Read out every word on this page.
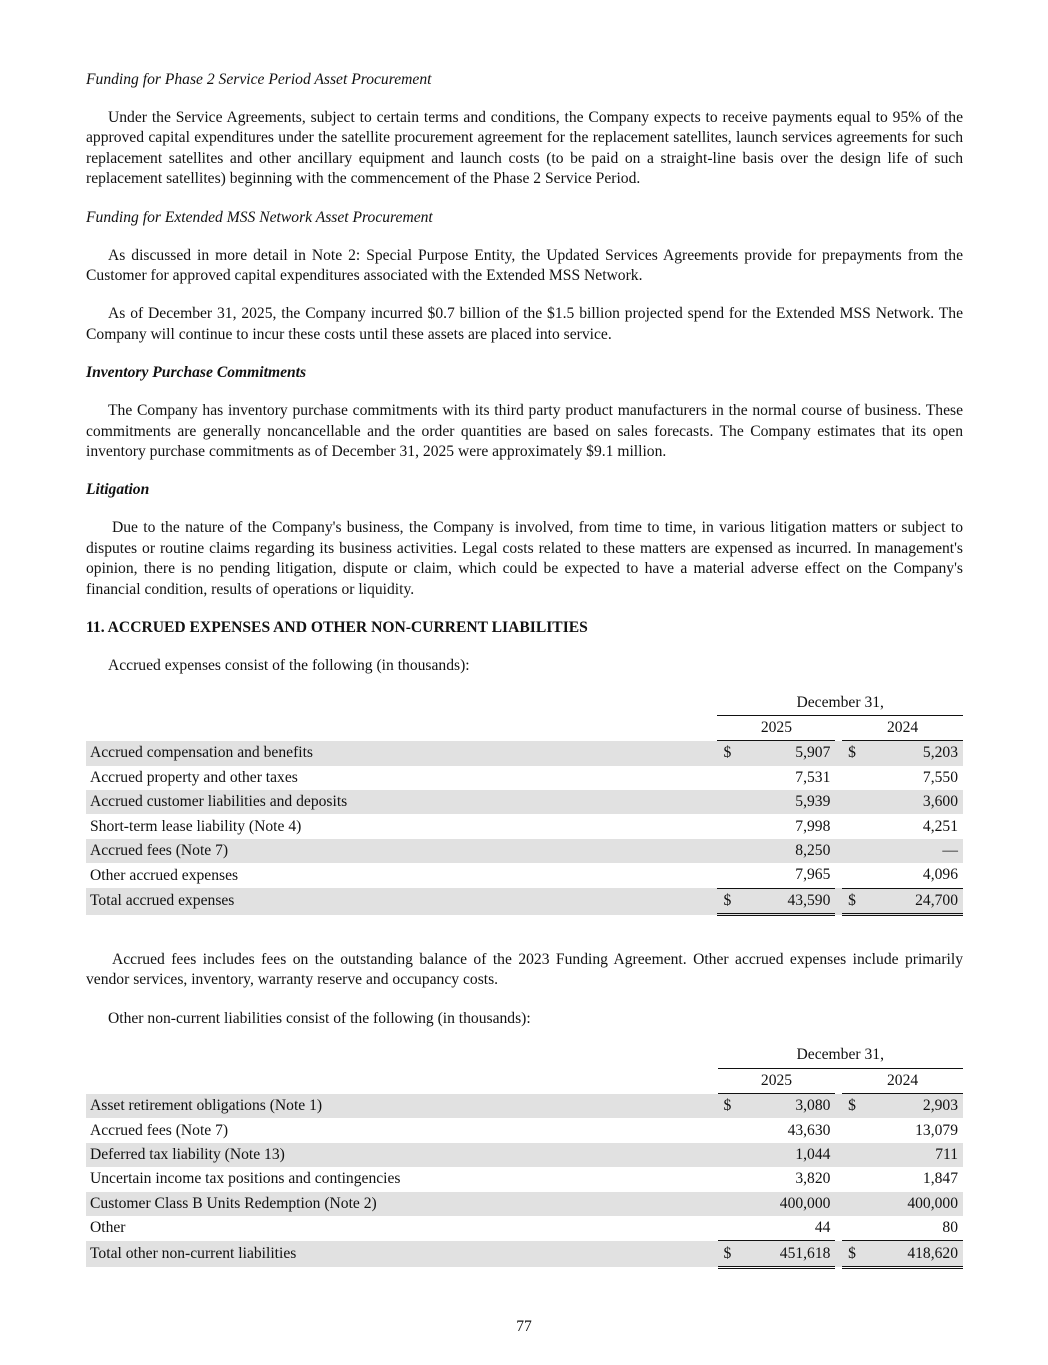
Funding for Phase 2 Service Period Asset Procurement

Under the Service Agreements, subject to certain terms and conditions, the Company expects to receive payments equal to 95% of the approved capital expenditures under the satellite procurement agreement for the replacement satellites, launch services agreements for such replacement satellites and other ancillary equipment and launch costs (to be paid on a straight-line basis over the design life of such replacement satellites) beginning with the commencement of the Phase 2 Service Period.

Funding for Extended MSS Network Asset Procurement

As discussed in more detail in Note 2: Special Purpose Entity, the Updated Services Agreements provide for prepayments from the Customer for approved capital expenditures associated with the Extended MSS Network.

As of December 31, 2025, the Company incurred $0.7 billion of the $1.5 billion projected spend for the Extended MSS Network. The Company will continue to incur these costs until these assets are placed into service.

Inventory Purchase Commitments

The Company has inventory purchase commitments with its third party product manufacturers in the normal course of business. These commitments are generally noncancellable and the order quantities are based on sales forecasts. The Company estimates that its open inventory purchase commitments as of December 31, 2025 were approximately $9.1 million.

Litigation

Due to the nature of the Company's business, the Company is involved, from time to time, in various litigation matters or subject to disputes or routine claims regarding its business activities. Legal costs related to these matters are expensed as incurred. In management's opinion, there is no pending litigation, dispute or claim, which could be expected to have a material adverse effect on the Company's financial condition, results of operations or liquidity.

11. ACCRUED EXPENSES AND OTHER NON-CURRENT LIABILITIES

Accrued expenses consist of the following (in thousands):

	December 31,				
	2025			2024	
Accrued compensation and benefits	$	5,907		$	5,203
Accrued property and other taxes		7,531			7,550
Accrued customer liabilities and deposits		5,939			3,600
Short-term lease liability (Note 4)		7,998			4,251
Accrued fees (Note 7)		8,250			—
Other accrued expenses		7,965			4,096
Total accrued expenses	$	43,590		$	24,700

Accrued fees includes fees on the outstanding balance of the 2023 Funding Agreement. Other accrued expenses include primarily vendor services, inventory, warranty reserve and occupancy costs.

Other non-current liabilities consist of the following (in thousands):

	December 31,				
	2025			2024	
Asset retirement obligations (Note 1)	$	3,080		$	2,903
Accrued fees (Note 7)		43,630			13,079
Deferred tax liability (Note 13)		1,044			711
Uncertain income tax positions and contingencies		3,820			1,847
Customer Class B Units Redemption (Note 2)		400,000			400,000
Other		44			80
Total other non-current liabilities	$	451,618		$	418,620
77
